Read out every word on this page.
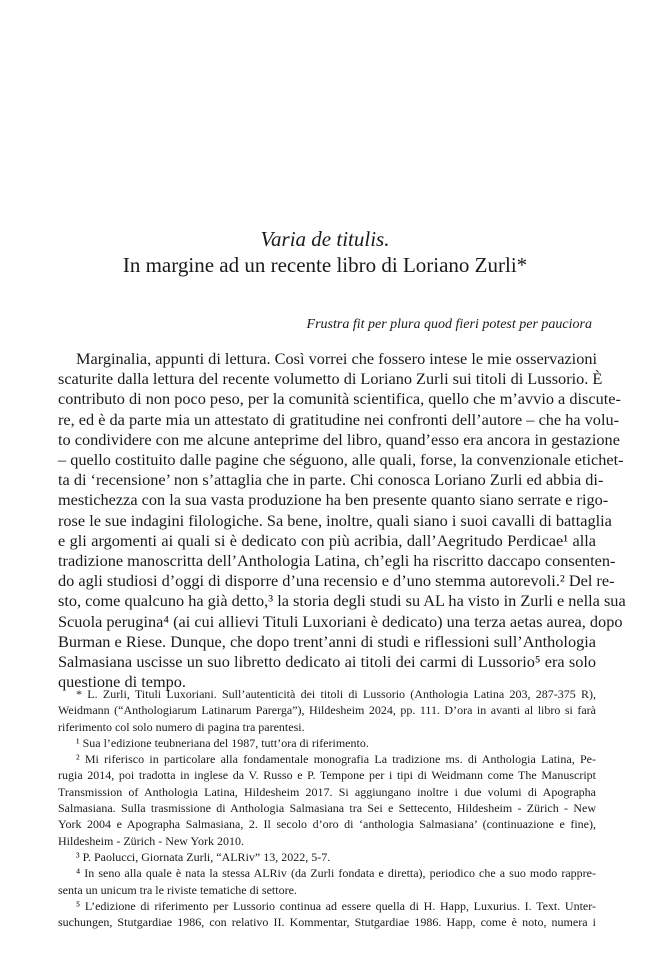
Varia de titulis.
In margine ad un recente libro di Loriano Zurli*
Frustra fit per plura quod fieri potest per pauciora
Marginalia, appunti di lettura. Così vorrei che fossero intese le mie osservazioni
scaturite dalla lettura del recente volumetto di Loriano Zurli sui titoli di Lussorio. È
contributo di non poco peso, per la comunità scientifica, quello che m’avvio a discute-
re, ed è da parte mia un attestato di gratitudine nei confronti dell’autore – che ha volu-
to condividere con me alcune anteprime del libro, quand’esso era ancora in gestazione
– quello costituito dalle pagine che séguono, alle quali, forse, la convenzionale etichet-
ta di ‘recensione’ non s’attaglia che in parte. Chi conosca Loriano Zurli ed abbia di-
mestichezza con la sua vasta produzione ha ben presente quanto siano serrate e rigo-
rose le sue indagini filologiche. Sa bene, inoltre, quali siano i suoi cavalli di battaglia
e gli argomenti ai quali si è dedicato con più acribia, dall’Aegritudo Perdicae¹ alla
tradizione manoscritta dell’Anthologia Latina, ch’egli ha riscritto daccapo consenten-
do agli studiosi d’oggi di disporre d’una recensio e d’uno stemma autorevoli.² Del re-
sto, come qualcuno ha già detto,³ la storia degli studi su AL ha visto in Zurli e nella sua
Scuola perugina⁴ (ai cui allievi Tituli Luxoriani è dedicato) una terza aetas aurea, dopo
Burman e Riese. Dunque, che dopo trent’anni di studi e riflessioni sull’Anthologia
Salmasiana uscisse un suo libretto dedicato ai titoli dei carmi di Lussorio⁵ era solo
questione di tempo.
* L. Zurli, Tituli Luxoriani. Sull’autenticità dei titoli di Lussorio (Anthologia Latina 203, 287-375 R),
Weidmann (“Anthologiarum Latinarum Parerga”), Hildesheim 2024, pp. 111. D’ora in avanti al libro si farà
riferimento col solo numero di pagina tra parentesi.
¹ Sua l’edizione teubneriana del 1987, tutt’ora di riferimento.
² Mi riferisco in particolare alla fondamentale monografia La tradizione ms. di Anthologia Latina, Pe-
rugia 2014, poi tradotta in inglese da V. Russo e P. Tempone per i tipi di Weidmann come The Manuscript
Transmission of Anthologia Latina, Hildesheim 2017. Si aggiungano inoltre i due volumi di Apographa
Salmasiana. Sulla trasmissione di Anthologia Salmasiana tra Sei e Settecento, Hildesheim - Zürich - New
York 2004 e Apographa Salmasiana, 2. Il secolo d’oro di ‘anthologia Salmasiana’ (continuazione e fine),
Hildesheim - Zürich - New York 2010.
³ P. Paolucci, Giornata Zurli, “ALRiv” 13, 2022, 5-7.
⁴ In seno alla quale è nata la stessa ALRiv (da Zurli fondata e diretta), periodico che a suo modo rappre-
senta un unicum tra le riviste tematiche di settore.
⁵ L’edizione di riferimento per Lussorio continua ad essere quella di H. Happ, Luxurius. I. Text. Unter-
suchungen, Stutgardiae 1986, con relativo II. Kommentar, Stutgardiae 1986. Happ, come è noto, numera i
